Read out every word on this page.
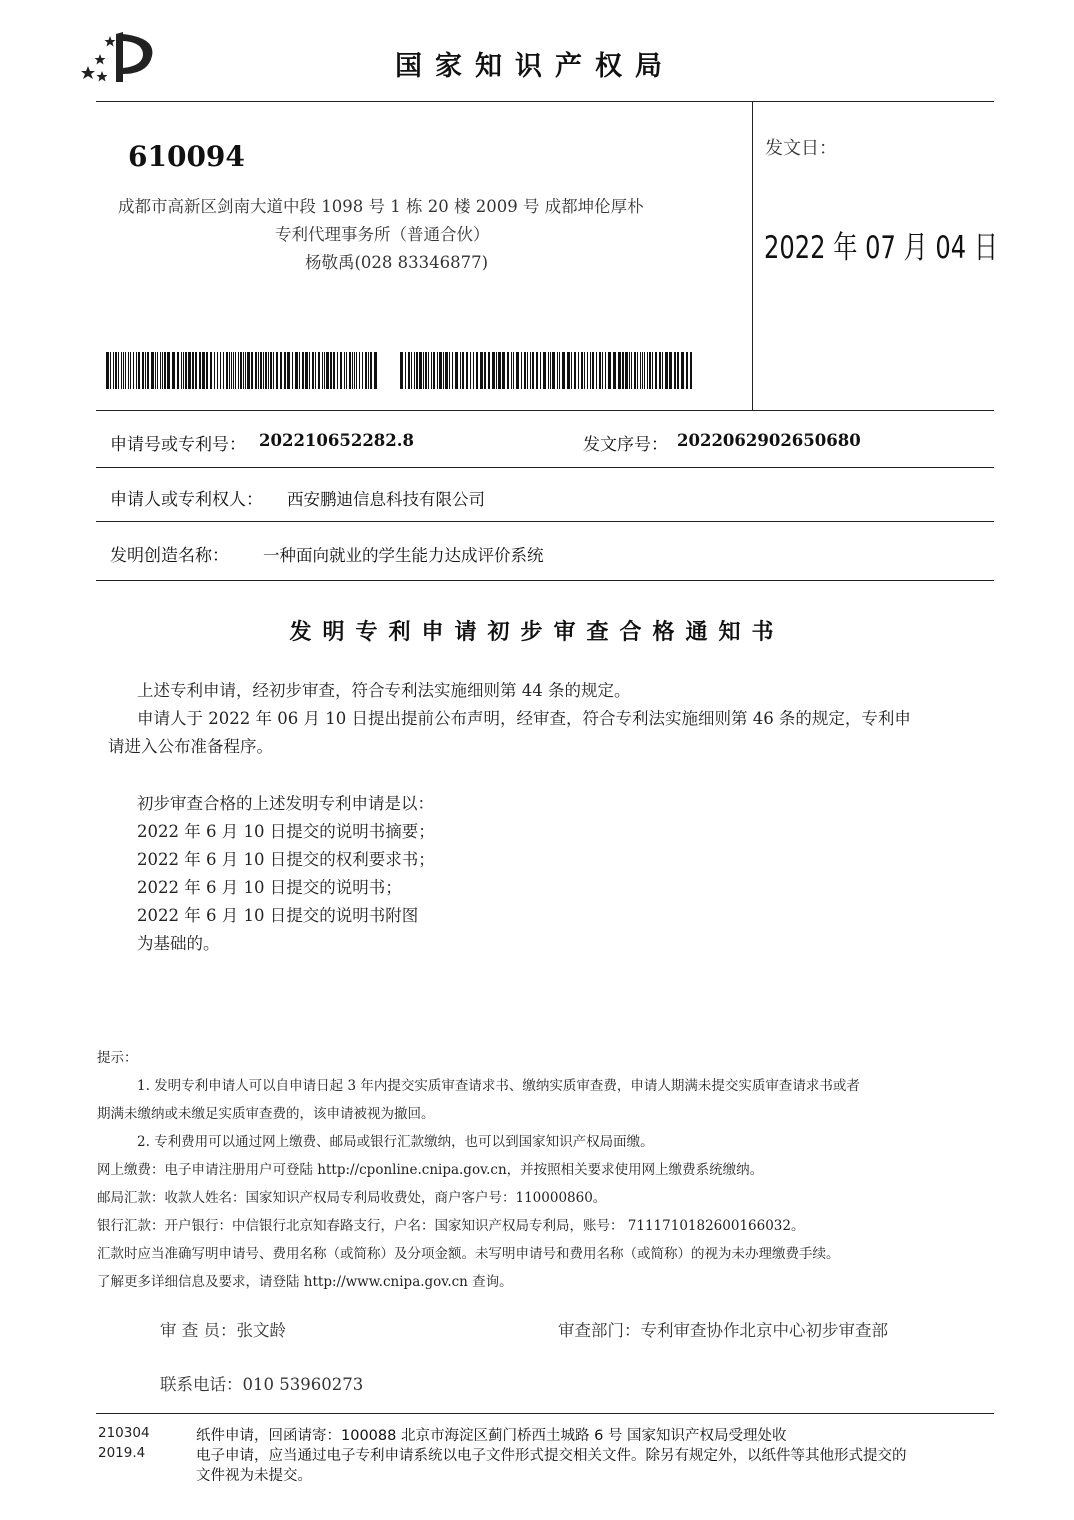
国家知识产权局
610094
成都市高新区剑南大道中段 1098 号 1 栋 20 楼 2009 号 成都坤伦厚朴
专利代理事务所（普通合伙）
杨敬禹(028 83346877)
发文日：
2022 年 07 月 04 日
申请号或专利号： 202210652282.8	发文序号： 2022062902650680
申请人或专利权人： 西安鹏迪信息科技有限公司
发明创造名称： 一种面向就业的学生能力达成评价系统
发明专利申请初步审查合格通知书
上述专利申请，经初步审查，符合专利法实施细则第 44 条的规定。
申请人于 2022 年 06 月 10 日提出提前公布声明，经审查，符合专利法实施细则第 46 条的规定，专利申
请进入公布准备程序。
初步审查合格的上述发明专利申请是以：
2022 年 6 月 10 日提交的说明书摘要；
2022 年 6 月 10 日提交的权利要求书；
2022 年 6 月 10 日提交的说明书；
2022 年 6 月 10 日提交的说明书附图
为基础的。
提示：
1. 发明专利申请人可以自申请日起 3 年内提交实质审查请求书、缴纳实质审查费，申请人期满未提交实质审查请求书或者
期满未缴纳或未缴足实质审查费的，该申请被视为撤回。
2. 专利费用可以通过网上缴费、邮局或银行汇款缴纳，也可以到国家知识产权局面缴。
网上缴费：电子申请注册用户可登陆 http://cponline.cnipa.gov.cn，并按照相关要求使用网上缴费系统缴纳。
邮局汇款：收款人姓名：国家知识产权局专利局收费处，商户客户号：110000860。
银行汇款：开户银行：中信银行北京知春路支行，户名：国家知识产权局专利局，账号： 7111710182600166032。
汇款时应当准确写明申请号、费用名称（或简称）及分项金额。未写明申请号和费用名称（或简称）的视为未办理缴费手续。
了解更多详细信息及要求，请登陆 http://www.cnipa.gov.cn 查询。
审 查 员：张文龄	审查部门：专利审查协作北京中心初步审查部
联系电话：010 53960273
210304
2019.4
纸件申请，回函请寄：100088 北京市海淀区蓟门桥西土城路 6 号 国家知识产权局受理处收
电子申请，应当通过电子专利申请系统以电子文件形式提交相关文件。除另有规定外，以纸件等其他形式提交的
文件视为未提交。
